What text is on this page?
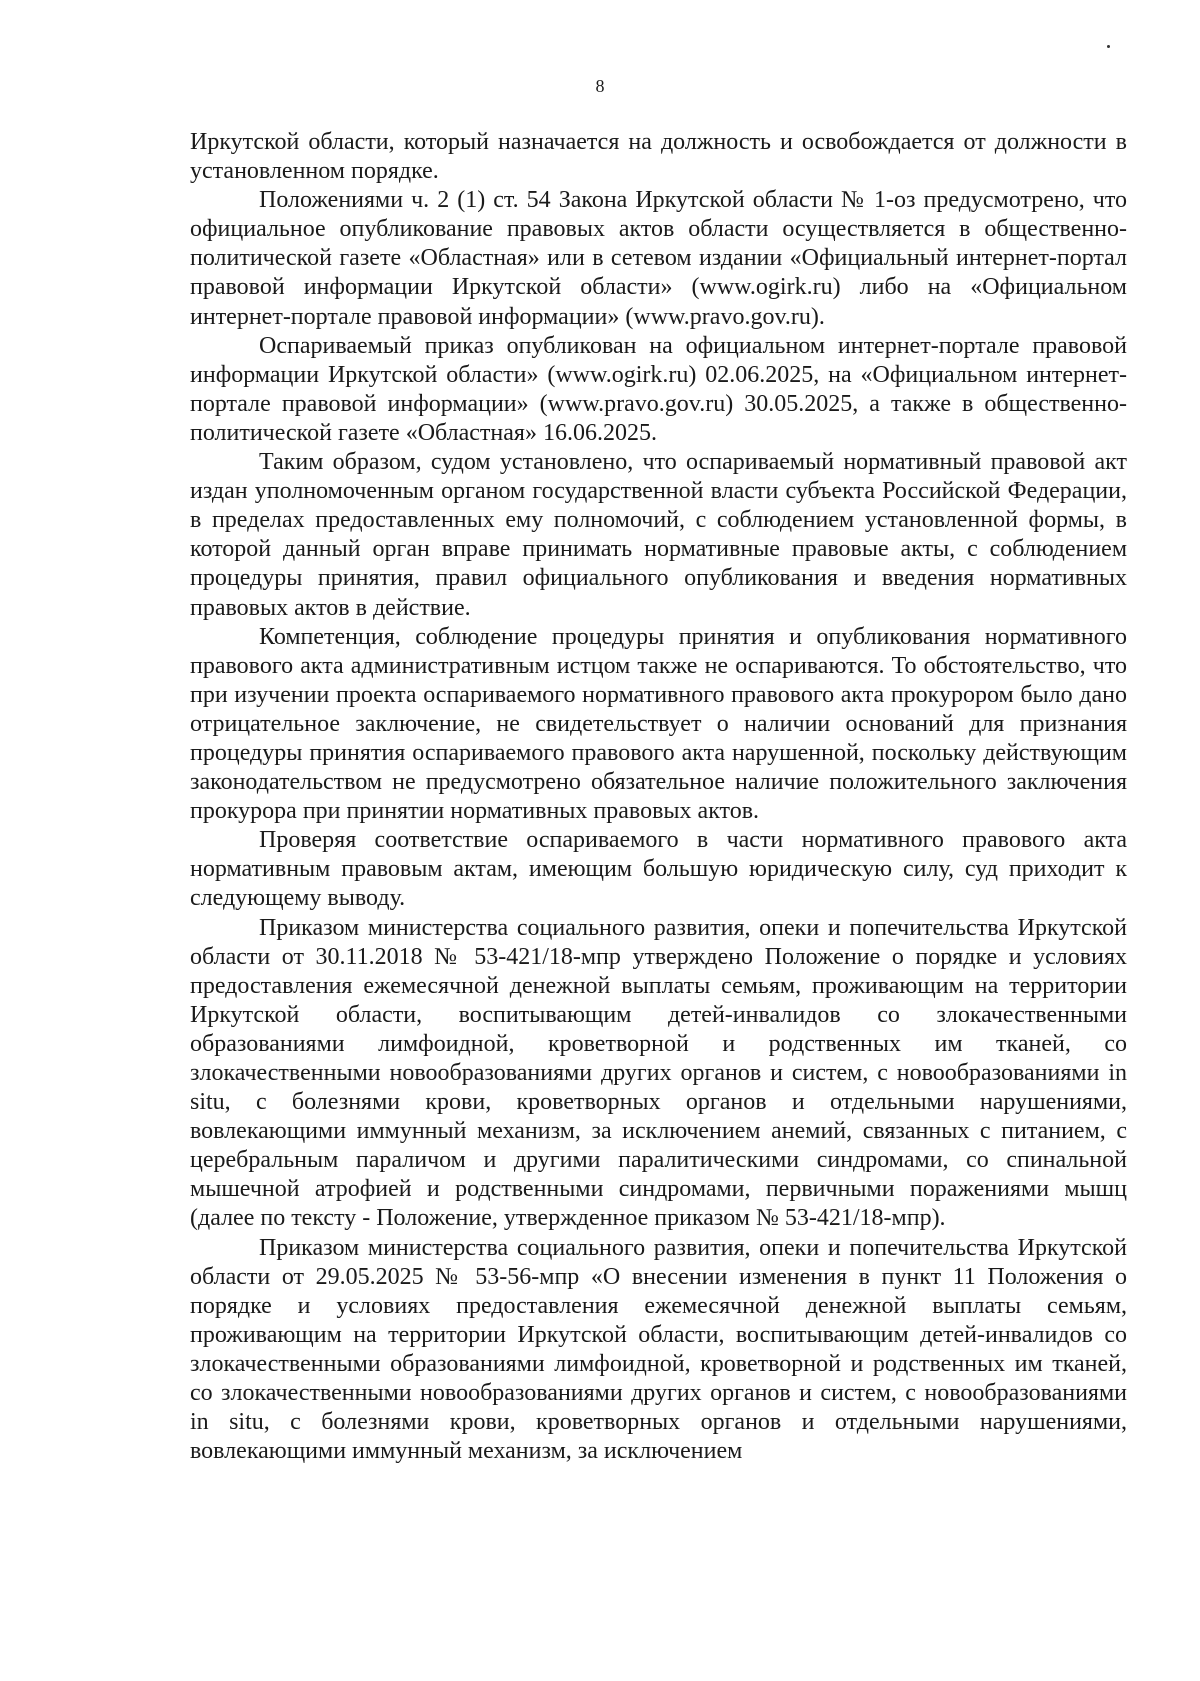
8

Иркутской области, который назначается на должность и освобождается от должности в установленном порядке.

Положениями ч. 2 (1) ст. 54 Закона Иркутской области № 1-оз предусмотрено, что официальное опубликование правовых актов области осуществляется в общественно-политической газете «Областная» или в сетевом издании «Официальный интернет-портал правовой информации Иркутской области» (www.ogirk.ru) либо на «Официальном интернет-портале правовой информации» (www.pravo.gov.ru).

Оспариваемый приказ опубликован на официальном интернет-портале правовой информации Иркутской области» (www.ogirk.ru) 02.06.2025, на «Официальном интернет-портале правовой информации» (www.pravo.gov.ru) 30.05.2025, а также в общественно-политической газете «Областная» 16.06.2025.

Таким образом, судом установлено, что оспариваемый нормативный правовой акт издан уполномоченным органом государственной власти субъекта Российской Федерации, в пределах предоставленных ему полномочий, с соблюдением установленной формы, в которой данный орган вправе принимать нормативные правовые акты, с соблюдением процедуры принятия, правил официального опубликования и введения нормативных правовых актов в действие.

Компетенция, соблюдение процедуры принятия и опубликования нормативного правового акта административным истцом также не оспариваются. То обстоятельство, что при изучении проекта оспариваемого нормативного правового акта прокурором было дано отрицательное заключение, не свидетельствует о наличии оснований для признания процедуры принятия оспариваемого правового акта нарушенной, поскольку действующим законодательством не предусмотрено обязательное наличие положительного заключения прокурора при принятии нормативных правовых актов.

Проверяя соответствие оспариваемого в части нормативного правового акта нормативным правовым актам, имеющим большую юридическую силу, суд приходит к следующему выводу.

Приказом министерства социального развития, опеки и попечительства Иркутской области от 30.11.2018 № 53-421/18-мпр утверждено Положение о порядке и условиях предоставления ежемесячной денежной выплаты семьям, проживающим на территории Иркутской области, воспитывающим детей-инвалидов со злокачественными образованиями лимфоидной, кроветворной и родственных им тканей, со злокачественными новообразованиями других органов и систем, с новообразованиями in situ, с болезнями крови, кроветворных органов и отдельными нарушениями, вовлекающими иммунный механизм, за исключением анемий, связанных с питанием, с церебральным параличом и другими паралитическими синдромами, со спинальной мышечной атрофией и родственными синдромами, первичными поражениями мышц (далее по тексту - Положение, утвержденное приказом № 53-421/18-мпр).

Приказом министерства социального развития, опеки и попечительства Иркутской области от 29.05.2025 № 53-56-мпр «О внесении изменения в пункт 11 Положения о порядке и условиях предоставления ежемесячной денежной выплаты семьям, проживающим на территории Иркутской области, воспитывающим детей-инвалидов со злокачественными образованиями лимфоидной, кроветворной и родственных им тканей, со злокачественными новообразованиями других органов и систем, с новообразованиями in situ, с болезнями крови, кроветворных органов и отдельными нарушениями, вовлекающими иммунный механизм, за исключением
